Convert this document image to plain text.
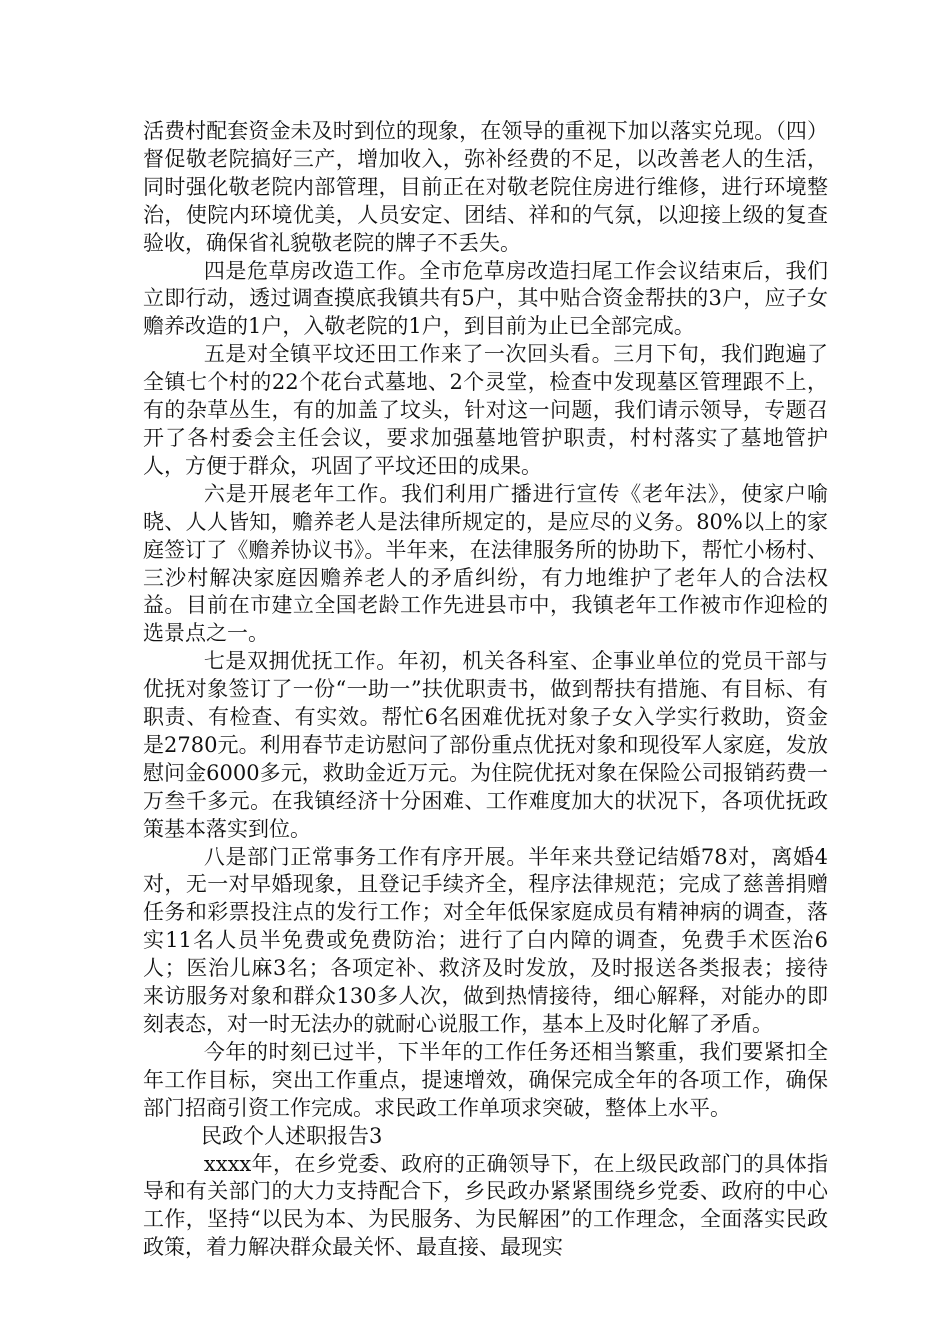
活费村配套资金未及时到位的现象，在领导的重视下加以落实兑现。（四）督促敬老院搞好三产，增加收入，弥补经费的不足，以改善老人的生活，同时强化敬老院内部管理，目前正在对敬老院住房进行维修，进行环境整治，使院内环境优美，人员安定、团结、祥和的气氛，以迎接上级的复查验收，确保省礼貌敬老院的牌子不丢失。

四是危草房改造工作。全市危草房改造扫尾工作会议结束后，我们立即行动，透过调查摸底我镇共有5户，其中贴合资金帮扶的3户，应子女赡养改造的1户，入敬老院的1户，到目前为止已全部完成。

五是对全镇平坟还田工作来了一次回头看。三月下旬，我们跑遍了全镇七个村的22个花台式墓地、2个灵堂，检查中发现墓区管理跟不上，有的杂草丛生，有的加盖了坟头，针对这一问题，我们请示领导，专题召开了各村委会主任会议，要求加强墓地管护职责，村村落实了墓地管护人，方便于群众，巩固了平坟还田的成果。

六是开展老年工作。我们利用广播进行宣传《老年法》，使家户喻晓、人人皆知，赡养老人是法律所规定的，是应尽的义务。80%以上的家庭签订了《赡养协议书》。半年来，在法律服务所的协助下，帮忙小杨村、三沙村解决家庭因赡养老人的矛盾纠纷，有力地维护了老年人的合法权益。目前在市建立全国老龄工作先进县市中，我镇老年工作被市作迎检的选景点之一。

七是双拥优抚工作。年初，机关各科室、企事业单位的党员干部与优抚对象签订了一份“一助一”扶优职责书，做到帮扶有措施、有目标、有职责、有检查、有实效。帮忙6名困难优抚对象子女入学实行救助，资金是2780元。利用春节走访慰问了部份重点优抚对象和现役军人家庭，发放慰问金6000多元，救助金近万元。为住院优抚对象在保险公司报销药费一万叁千多元。在我镇经济十分困难、工作难度加大的状况下，各项优抚政策基本落实到位。

八是部门正常事务工作有序开展。半年来共登记结婚78对，离婚4对，无一对早婚现象，且登记手续齐全，程序法律规范；完成了慈善捐赠任务和彩票投注点的发行工作；对全年低保家庭成员有精神病的调查，落实11名人员半免费或免费防治；进行了白内障的调查，免费手术医治6人；医治儿麻3名；各项定补、救济及时发放，及时报送各类报表；接待来访服务对象和群众130多人次，做到热情接待，细心解释，对能办的即刻表态，对一时无法办的就耐心说服工作，基本上及时化解了矛盾。

今年的时刻已过半，下半年的工作任务还相当繁重，我们要紧扣全年工作目标，突出工作重点，提速增效，确保完成全年的各项工作，确保部门招商引资工作完成。求民政工作单项求突破，整体上水平。

民政个人述职报告3

xxxx年，在乡党委、政府的正确领导下，在上级民政部门的具体指导和有关部门的大力支持配合下，乡民政办紧紧围绕乡党委、政府的中心工作，坚持“以民为本、为民服务、为民解困”的工作理念，全面落实民政政策，着力解决群众最关怀、最直接、最现实
